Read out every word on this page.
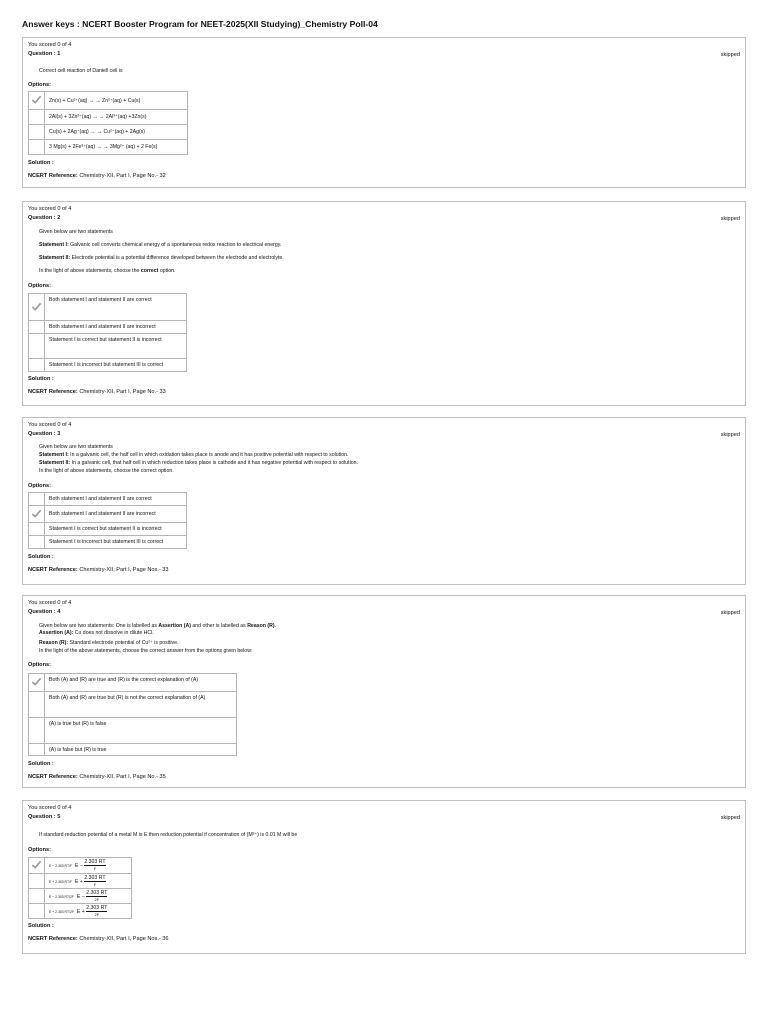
Answer keys : NCERT Booster Program for NEET-2025(XII Studying)_Chemistry Poll-04
You scored 0 of 4
Question : 1	skipped
Correct cell reaction of Daniell cell is
Options:
	Zn(s) + Cu²⁺(aq) → → Zn²⁺(aq) + Cu(s)
	2Al(s) + 3Zn²⁺(aq) → → 2Al³⁺(aq) +3Zn(s)
	Cu(s) + 2Ag⁺(aq) → → Cu²⁺(aq) + 2Ag(s)
	3 Mg(s) + 2Fe³⁺(aq) → → 3Mg²⁺ (aq) + 2 Fe(s)
Solution :
NCERT Reference: Chemistry-XII, Part I, Page No.- 32
You scored 0 of 4
Question : 2	skipped
Given below are two statements
Statement I: Galvanic cell converts chemical energy of a spontaneous redox reaction to electrical energy.
Statement II: Electrode potential is a potential difference developed between the electrode and electrolyte.
In the light of above statements, choose the correct option.
Options:
	Both statement I and statement II are correct
	Both statement I and statement II are incorrect
	Statement I is correct but statement II is incorrect
	Statement I is incorrect but statement III is correct
Solution :
NCERT Reference: Chemistry-XII, Part I, Page No.- 33
You scored 0 of 4
Question : 3	skipped
Given below are two statements
Statement I: In a galvanic cell, the half cell in which oxidation takes place is anode and it has positive potential with respect to solution.
Statement II: In a galvanic cell, that half cell in which reduction takes place is cathode and it has negative potential with respect to solution.
In the light of above statements, choose the correct option.
Options:
	Both statement I and statement II are correct
	Both statement I and statement II are incorrect
	Statement I is correct but statement II is incorrect
	Statement I is incorrect but statement III is correct
Solution :
NCERT Reference: Chemistry-XII, Part I, Page Nos.- 33
You scored 0 of 4
Question : 4	skipped
Given below are two statements: One is labelled as Assertion (A) and other is labelled as Reason (R).
Assertion (A): Cu does not dissolve in dilute HCl.
Reason (R): Standard electrode potential of Cu²⁺ is positive.
In the light of the above statements, choose the correct answer from the options given below:
Options:
	Both (A) and (R) are true and (R) is the correct explanation of (A)
	Both (A) and (R) are true but (R) is not the correct explanation of (A)
	(A) is true but (R) is false
	(A) is false but (R) is true
Solution :
NCERT Reference: Chemistry-XII, Part I, Page No.- 35
You scored 0 of 4
Question : 5	skipped
If standard reduction potential of a metal M is E then reduction potential if concentration of (M²⁺) is 0.01 M will be
Options:
	E − 2.303 RT/F E −
2.303 RT
F

	E + 2.303 RT/F E +
2.303 RT
F

	E − 2.303 RT/2F E −
2.303 RT
2F

	E + 2.303 RT/2F E +
2.303 RT
2F
Solution :
NCERT Reference: Chemistry-XII, Part I, Page Nos.- 36
